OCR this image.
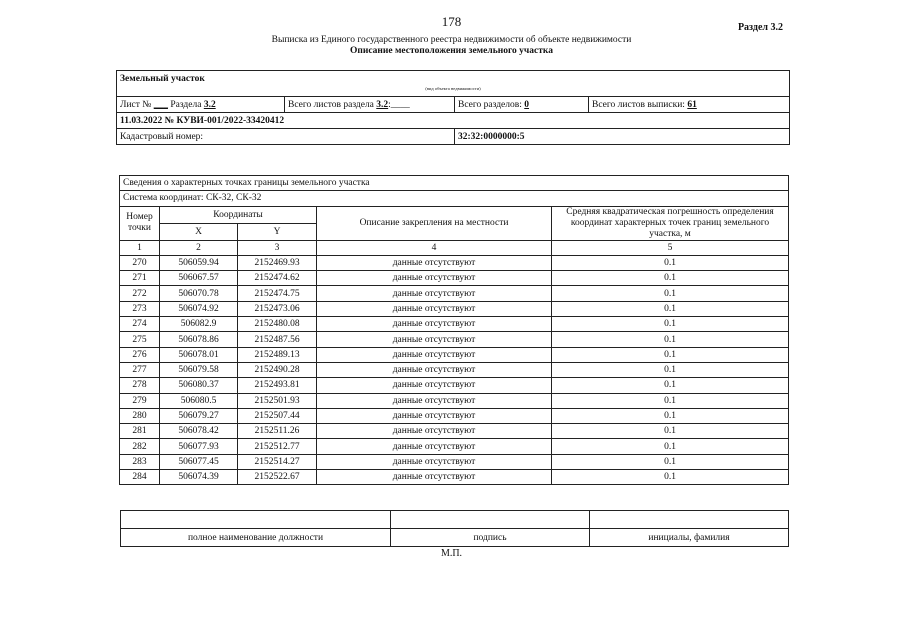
178	Раздел 3.2
Выписка из Единого государственного реестра недвижимости об объекте недвижимости
Описание местоположения земельного участка
Земельный участок			
(вид объекта недвижимости)			
Лист № ___ Раздела 3.2	Всего листов раздела 3.2:____	Всего разделов: 0	Всего листов выписки: 61
11.03.2022 № КУВИ-001/2022-33420412			
Кадастровый номер:		32:32:0000000:5	
Сведения о характерных точках границы земельного участка				
Система координат: СК-32, СК-32				
Номер точки	Координаты		Описание закрепления на местности	Средняя квадратическая погрешность определения координат характерных точек границ земельного участка, м
	X	Y		
1	2	3	4	5
270	506059.94	2152469.93	данные отсутствуют	0.1
271	506067.57	2152474.62	данные отсутствуют	0.1
272	506070.78	2152474.75	данные отсутствуют	0.1
273	506074.92	2152473.06	данные отсутствуют	0.1
274	506082.9	2152480.08	данные отсутствуют	0.1
275	506078.86	2152487.56	данные отсутствуют	0.1
276	506078.01	2152489.13	данные отсутствуют	0.1
277	506079.58	2152490.28	данные отсутствуют	0.1
278	506080.37	2152493.81	данные отсутствуют	0.1
279	506080.5	2152501.93	данные отсутствуют	0.1
280	506079.27	2152507.44	данные отсутствуют	0.1
281	506078.42	2152511.26	данные отсутствуют	0.1
282	506077.93	2152512.77	данные отсутствуют	0.1
283	506077.45	2152514.27	данные отсутствуют	0.1
284	506074.39	2152522.67	данные отсутствуют	0.1

полное наименование должности	подпись	инициалы, фамилия
М.П.
